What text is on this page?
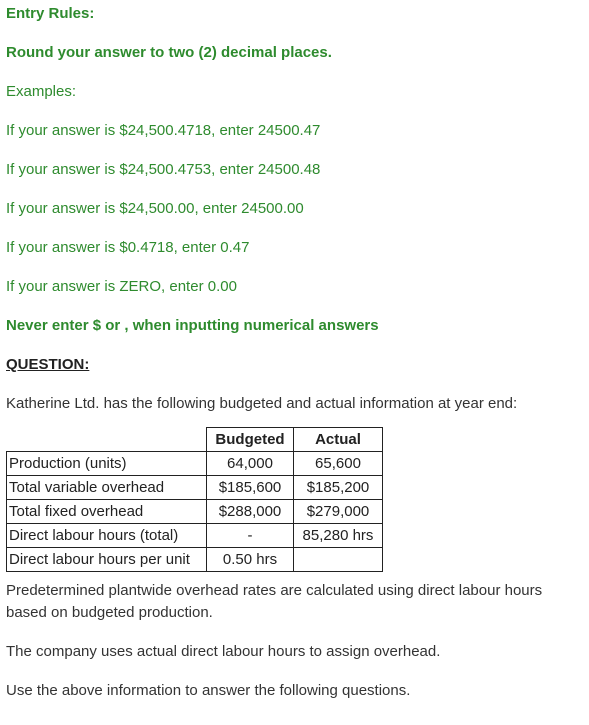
Entry Rules:

Round your answer to two (2) decimal places.

Examples:

If your answer is $24,500.4718, enter 24500.47

If your answer is $24,500.4753, enter 24500.48

If your answer is $24,500.00, enter 24500.00

If your answer is $0.4718, enter 0.47

If your answer is ZERO, enter 0.00

Never enter $ or , when inputting numerical answers

QUESTION:

Katherine Ltd. has the following budgeted and actual information at year end:

	Budgeted	Actual
Production (units)	64,000	65,600
Total variable overhead	$185,600	$185,200
Total fixed overhead	$288,000	$279,000
Direct labour hours (total)	-	85,280 hrs
Direct labour hours per unit	0.50 hrs	

Predetermined plantwide overhead rates are calculated using direct labour hours based on budgeted production.

The company uses actual direct labour hours to assign overhead.

Use the above information to answer the following questions.
